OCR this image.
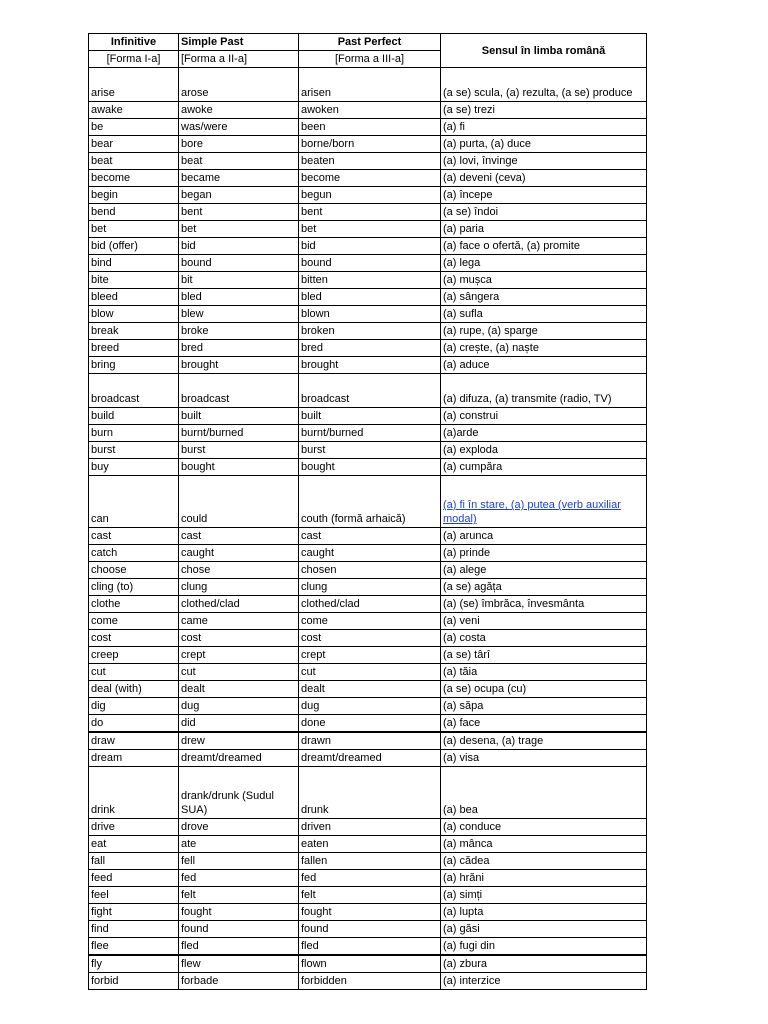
Infinitive	Simple Past	Past Perfect	Sensul în limba română
[Forma I-a]	[Forma a II-a]	[Forma a III-a]	
arise	arose	arisen	(a se) scula, (a) rezulta, (a se) produce
awake	awoke	awoken	(a se) trezi
be	was/were	been	(a) fi
bear	bore	borne/born	(a) purta, (a) duce
beat	beat	beaten	(a) lovi, învinge
become	became	become	(a) deveni (ceva)
begin	began	begun	(a) începe
bend	bent	bent	(a se) îndoi
bet	bet	bet	(a) paria
bid (offer)	bid	bid	(a) face o ofertă, (a) promite
bind	bound	bound	(a) lega
bite	bit	bitten	(a) mușca
bleed	bled	bled	(a) sângera
blow	blew	blown	(a) sufla
break	broke	broken	(a) rupe, (a) sparge
breed	bred	bred	(a) crește, (a) naște
bring	brought	brought	(a) aduce
broadcast	broadcast	broadcast	(a) difuza, (a) transmite (radio, TV)
build	built	built	(a) construi
burn	burnt/burned	burnt/burned	(a)arde
burst	burst	burst	(a) exploda
buy	bought	bought	(a) cumpăra
can	could	couth (formă arhaică)	(a) fi în stare, (a) putea (verb auxiliar modal)
cast	cast	cast	(a) arunca
catch	caught	caught	(a) prinde
choose	chose	chosen	(a) alege
cling (to)	clung	clung	(a se) agăța
clothe	clothed/clad	clothed/clad	(a) (se) îmbrăca, învesmânta
come	came	come	(a) veni
cost	cost	cost	(a) costa
creep	crept	crept	(a se) târî
cut	cut	cut	(a) tăia
deal (with)	dealt	dealt	(a se) ocupa (cu)
dig	dug	dug	(a) săpa
do	did	done	(a) face
draw	drew	drawn	(a) desena, (a) trage
dream	dreamt/dreamed	dreamt/dreamed	(a) visa
drink	drank/drunk (Sudul SUA)	drunk	(a) bea
drive	drove	driven	(a) conduce
eat	ate	eaten	(a) mânca
fall	fell	fallen	(a) cădea
feed	fed	fed	(a) hrăni
feel	felt	felt	(a) simți
fight	fought	fought	(a) lupta
find	found	found	(a) găsi
flee	fled	fled	(a) fugi din
fly	flew	flown	(a) zbura
forbid	forbade	forbidden	(a) interzice
